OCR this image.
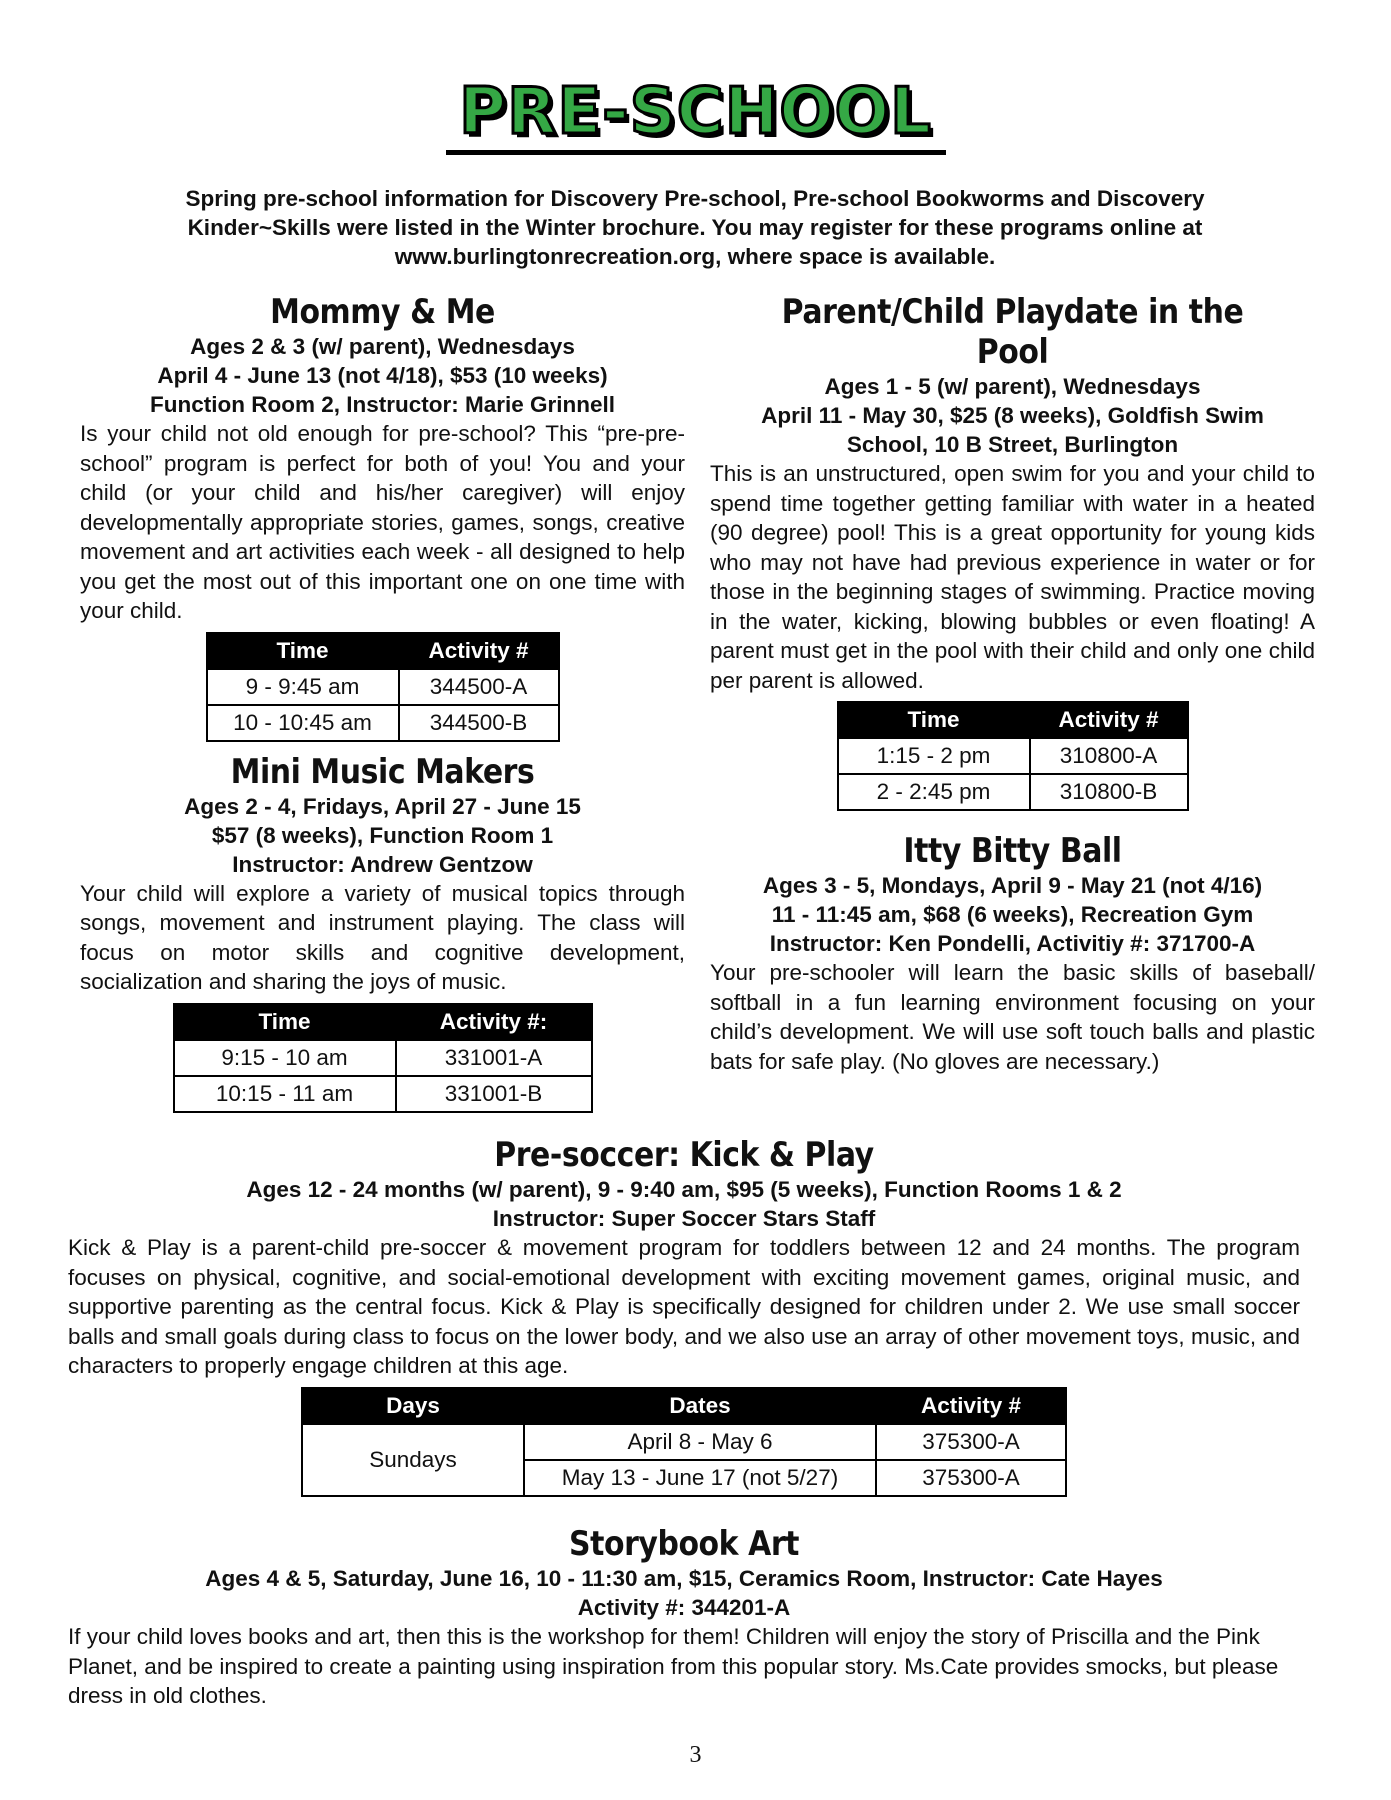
PRE-SCHOOL
Spring pre-school information for Discovery Pre-school, Pre-school Bookworms and Discovery
Kinder~Skills were listed in the Winter brochure. You may register for these programs online at
www.burlingtonrecreation.org, where space is available.
Mommy & Me
Ages 2 & 3 (w/ parent), Wednesdays
April 4 - June 13 (not 4/18), $53 (10 weeks)
Function Room 2, Instructor: Marie Grinnell
Is your child not old enough for pre-school? This “pre-pre-school” program is perfect for both of you! You and your child (or your child and his/her caregiver) will enjoy developmentally appropriate stories, games, songs, creative movement and art activities each week - all designed to help you get the most out of this important one on one time with your child.
Time	Activity #
9 - 9:45 am	344500-A
10 - 10:45 am	344500-B
Mini Music Makers
Ages 2 - 4, Fridays, April 27 - June 15
$57 (8 weeks), Function Room 1
Instructor: Andrew Gentzow
Your child will explore a variety of musical topics through songs, movement and instrument playing. The class will focus on motor skills and cognitive development, socialization and sharing the joys of music.
Time	Activity #:
9:15 - 10 am	331001-A
10:15 - 11 am	331001-B
Parent/Child Playdate in the Pool
Ages 1 - 5 (w/ parent), Wednesdays
April 11 - May 30, $25 (8 weeks), Goldfish Swim School, 10 B Street, Burlington
This is an unstructured, open swim for you and your child to spend time together getting familiar with water in a heated (90 degree) pool! This is a great opportunity for young kids who may not have had previous experience in water or for those in the beginning stages of swimming. Practice moving in the water, kicking, blowing bubbles or even floating! A parent must get in the pool with their child and only one child per parent is allowed.
Time	Activity #
1:15 - 2 pm	310800-A
2 - 2:45 pm	310800-B
Itty Bitty Ball
Ages 3 - 5, Mondays, April 9 - May 21 (not 4/16)
11 - 11:45 am, $68 (6 weeks), Recreation Gym
Instructor: Ken Pondelli, Activitiy #: 371700-A
Your pre-schooler will learn the basic skills of baseball/ softball in a fun learning environment focusing on your child’s development. We will use soft touch balls and plastic bats for safe play. (No gloves are necessary.)
Pre-soccer: Kick & Play
Ages 12 - 24 months (w/ parent), 9 - 9:40 am, $95 (5 weeks), Function Rooms 1 & 2
Instructor: Super Soccer Stars Staff
Kick & Play is a parent-child pre-soccer & movement program for toddlers between 12 and 24 months. The program focuses on physical, cognitive, and social-emotional development with exciting movement games, original music, and supportive parenting as the central focus. Kick & Play is specifically designed for children under 2. We use small soccer balls and small goals during class to focus on the lower body, and we also use an array of other movement toys, music, and characters to properly engage children at this age.
Days	Dates	Activity #
Sundays	April 8 - May 6	375300-A
	May 13 - June 17 (not 5/27)	375300-A
Storybook Art
Ages 4 & 5, Saturday, June 16, 10 - 11:30 am, $15, Ceramics Room, Instructor: Cate Hayes
Activity #: 344201-A
If your child loves books and art, then this is the workshop for them! Children will enjoy the story of Priscilla and the Pink Planet, and be inspired to create a painting using inspiration from this popular story. Ms.Cate provides smocks, but please dress in old clothes.
3
